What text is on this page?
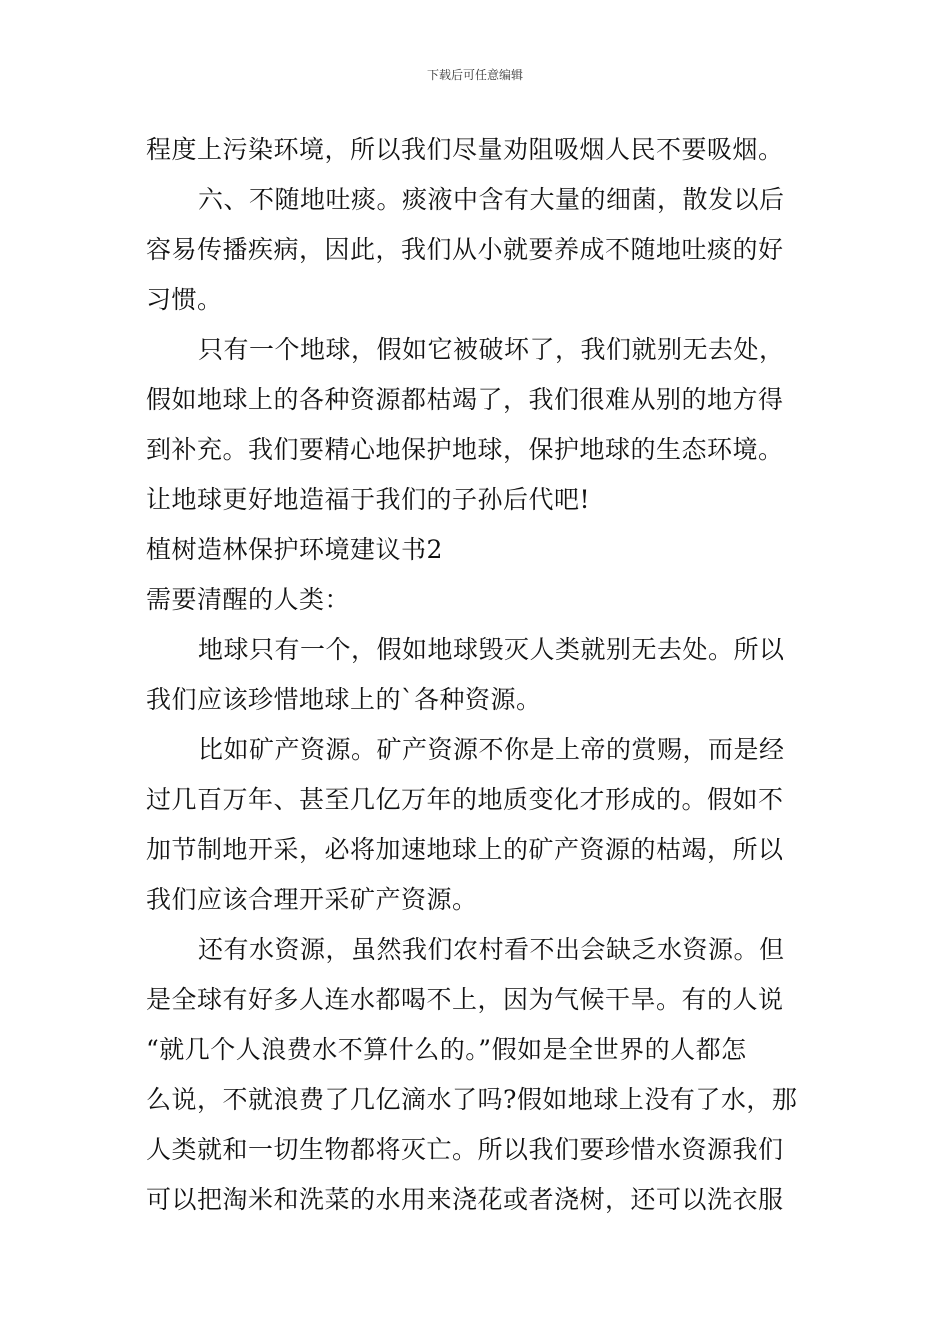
下载后可任意编辑
程度上污染环境，所以我们尽量劝阻吸烟人民不要吸烟。
六、不随地吐痰。痰液中含有大量的细菌，散发以后
容易传播疾病，因此，我们从小就要养成不随地吐痰的好
习惯。
只有一个地球，假如它被破坏了，我们就别无去处，
假如地球上的各种资源都枯竭了，我们很难从别的地方得
到补充。我们要精心地保护地球，保护地球的生态环境。
让地球更好地造福于我们的子孙后代吧!
植树造林保护环境建议书2
需要清醒的人类：
地球只有一个，假如地球毁灭人类就别无去处。所以
我们应该珍惜地球上的`各种资源。
比如矿产资源。矿产资源不你是上帝的赏赐，而是经
过几百万年、甚至几亿万年的地质变化才形成的。假如不
加节制地开采，必将加速地球上的矿产资源的枯竭，所以
我们应该合理开采矿产资源。
还有水资源，虽然我们农村看不出会缺乏水资源。但
是全球有好多人连水都喝不上，因为气候干旱。有的人说
“就几个人浪费水不算什么的。”假如是全世界的人都怎
么说，不就浪费了几亿滴水了吗?假如地球上没有了水，那
人类就和一切生物都将灭亡。所以我们要珍惜水资源我们
可以把淘米和洗菜的水用来浇花或者浇树，还可以洗衣服
